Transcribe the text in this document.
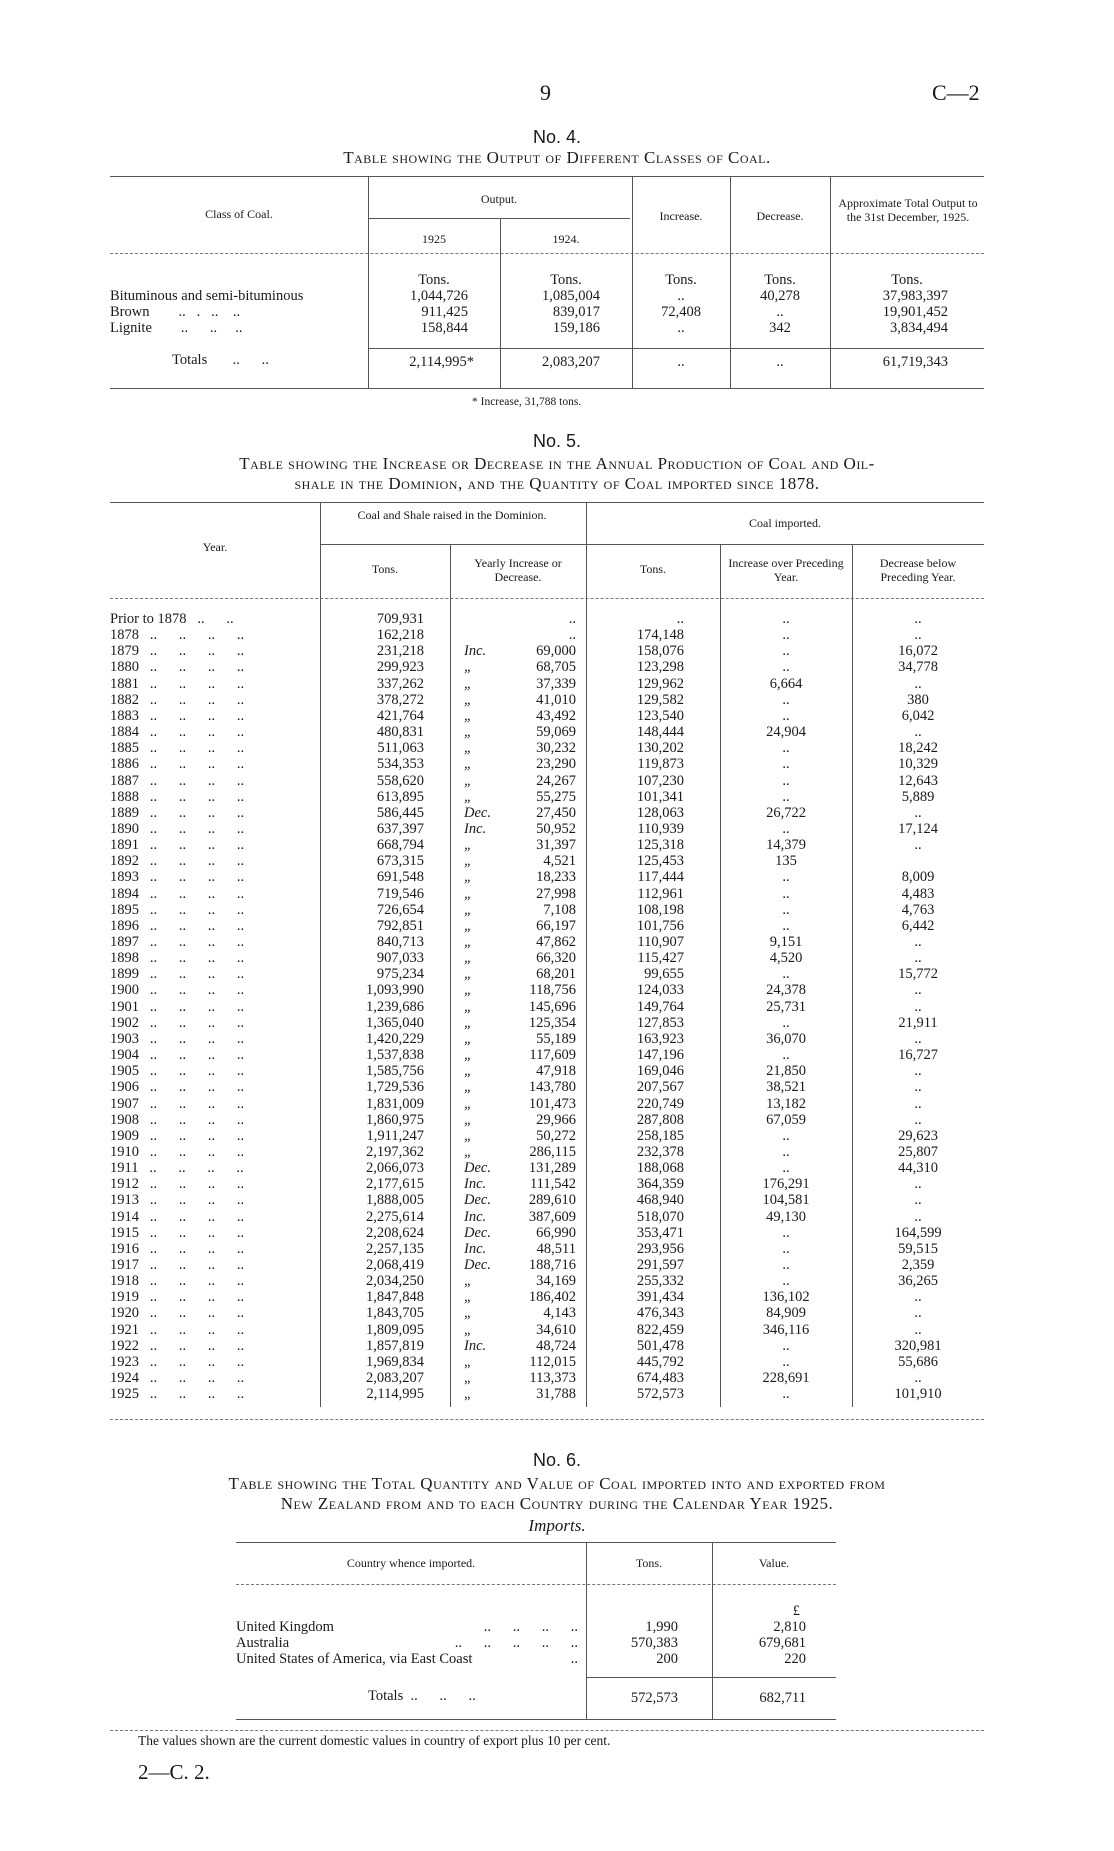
9	C—2
No. 4.
Table showing the Output of Different Classes of Coal.
Class of Coal.
Output.
1925	1924.
Increase.	Decrease.
Approximate Total Output to the 31st December, 1925.
Tons.	Tons.	Tons.	Tons.	Tons.
Bituminous and semi-bituminous	1,044,726	1,085,004	..	40,278	37,983,397
Brown        ..   .   ..    ..	911,425	839,017	72,408	..	19,901,452
Lignite        ..      ..     ..	158,844	159,186	..	342	3,834,494
Totals       ..      ..	2,114,995*	2,083,207	..	..	61,719,343
* Increase, 31,788 tons.
No. 5.
Table showing the Increase or Decrease in the Annual Production of Coal and Oil-
shale in the Dominion, and the Quantity of Coal imported since 1878.
Year.
Coal and Shale raised in the Dominion.
Tons.	Yearly Increase or Decrease.
Coal imported.
Tons.	Increase over Preceding Year.
Decrease below Preceding Year.
Prior to 1878   ..      ..	709,931	..	..	..	..
1878   ..      ..      ..      ..	162,218	..	174,148	..	..
1879   ..      ..      ..      ..	231,218	Inc.	69,000	158,076	..	16,072
1880   ..      ..      ..      ..	299,923	„	68,705	123,298	..	34,778
1881   ..      ..      ..      ..	337,262	„	37,339	129,962	6,664	..
1882   ..      ..      ..      ..	378,272	„	41,010	129,582	..	380
1883   ..      ..      ..      ..	421,764	„	43,492	123,540	..	6,042
1884   ..      ..      ..      ..	480,831	„	59,069	148,444	24,904	..
1885   ..      ..      ..      ..	511,063	„	30,232	130,202	..	18,242
1886   ..      ..      ..      ..	534,353	„	23,290	119,873	..	10,329
1887   ..      ..      ..      ..	558,620	„	24,267	107,230	..	12,643
1888   ..      ..      ..      ..	613,895	„	55,275	101,341	..	5,889
1889   ..      ..      ..      ..	586,445	Dec.	27,450	128,063	26,722	..
1890   ..      ..      ..      ..	637,397	Inc.	50,952	110,939	..	17,124
1891   ..      ..      ..      ..	668,794	„	31,397	125,318	14,379	..
1892   ..      ..      ..      ..	673,315	„	4,521	125,453	135
1893   ..      ..      ..      ..	691,548	„	18,233	117,444	..	8,009
1894   ..      ..      ..      ..	719,546	„	27,998	112,961	..	4,483
1895   ..      ..      ..      ..	726,654	„	7,108	108,198	..	4,763
1896   ..      ..      ..      ..	792,851	„	66,197	101,756	..	6,442
1897   ..      ..      ..      ..	840,713	„	47,862	110,907	9,151	..
1898   ..      ..      ..      ..	907,033	„	66,320	115,427	4,520	..
1899   ..      ..      ..      ..	975,234	„	68,201	99,655	..	15,772
1900   ..      ..      ..      ..	1,093,990	„	118,756	124,033	24,378	..
1901   ..      ..      ..      ..	1,239,686	„	145,696	149,764	25,731	..
1902   ..      ..      ..      ..	1,365,040	„	125,354	127,853	..	21,911
1903   ..      ..      ..      ..	1,420,229	„	55,189	163,923	36,070	..
1904   ..      ..      ..      ..	1,537,838	„	117,609	147,196	..	16,727
1905   ..      ..      ..      ..	1,585,756	„	47,918	169,046	21,850	..
1906   ..      ..      ..      ..	1,729,536	„	143,780	207,567	38,521	..
1907   ..      ..      ..      ..	1,831,009	„	101,473	220,749	13,182	..
1908   ..      ..      ..      ..	1,860,975	„	29,966	287,808	67,059	..
1909   ..      ..      ..      ..	1,911,247	„	50,272	258,185	..	29,623
1910   ..      ..      ..      ..	2,197,362	„	286,115	232,378	..	25,807
1911   ..      ..      ..      ..	2,066,073	Dec.	131,289	188,068	..	44,310
1912   ..      ..      ..      ..	2,177,615	Inc.	111,542	364,359	176,291	..
1913   ..      ..      ..      ..	1,888,005	Dec.	289,610	468,940	104,581	..
1914   ..      ..      ..      ..	2,275,614	Inc.	387,609	518,070	49,130	..
1915   ..      ..      ..      ..	2,208,624	Dec.	66,990	353,471	..	164,599
1916   ..      ..      ..      ..	2,257,135	Inc.	48,511	293,956	..	59,515
1917   ..      ..      ..      ..	2,068,419	Dec.	188,716	291,597	..	2,359
1918   ..      ..      ..      ..	2,034,250	„	34,169	255,332	..	36,265
1919   ..      ..      ..      ..	1,847,848	„	186,402	391,434	136,102	..
1920   ..      ..      ..      ..	1,843,705	„	4,143	476,343	84,909	..
1921   ..      ..      ..      ..	1,809,095	„	34,610	822,459	346,116	..
1922   ..      ..      ..      ..	1,857,819	Inc.	48,724	501,478	..	320,981
1923   ..      ..      ..      ..	1,969,834	„	112,015	445,792	..	55,686
1924   ..      ..      ..      ..	2,083,207	„	113,373	674,483	228,691	..
1925   ..      ..      ..      ..	2,114,995	„	31,788	572,573	..	101,910
No. 6.
Table showing the Total Quantity and Value of Coal imported into and exported from
New Zealand from and to each Country during the Calendar Year 1925.
Imports.
Country whence imported.	Tons.	Value.
£
United Kingdom	..      ..      ..      ..	1,990	2,810
Australia	..      ..      ..      ..      ..	570,383	679,681
United States of America, via East Coast	..	200	220
Totals  ..      ..      ..	572,573	682,711
The values shown are the current domestic values in country of export plus 10 per cent.
2—C. 2.
